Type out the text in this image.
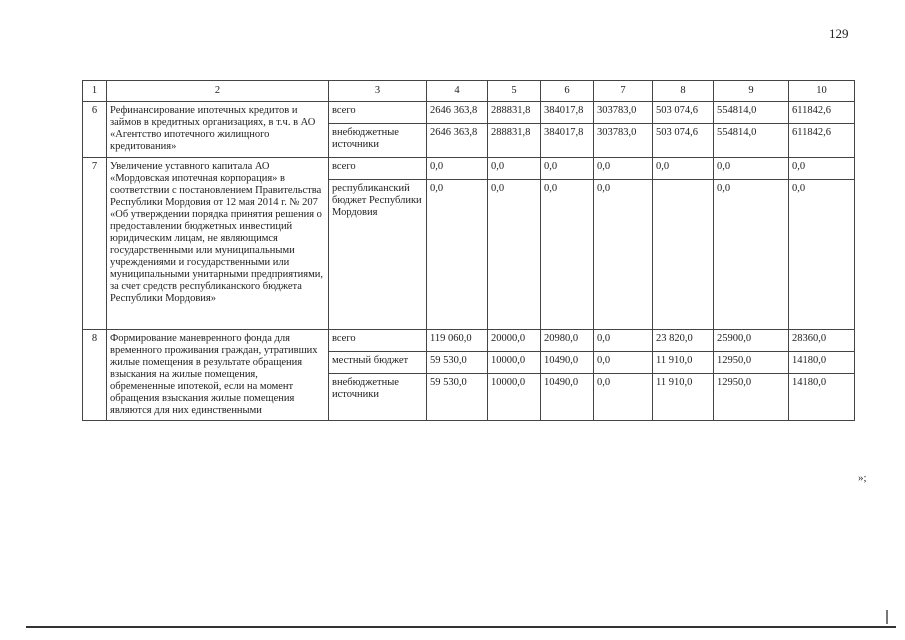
129
1	2	3	4	5	6	7	8	9	10
6	Рефинансирование ипотечных кредитов и займов в кредитных организациях, в т.ч. в АО «Агентство ипотечного жилищного кредитования»	всего	2646 363,8	288831,8	384017,8	303783,0	503 074,6	554814,0	611842,6
		внебюджетные источники	2646 363,8	288831,8	384017,8	303783,0	503 074,6	554814,0	611842,6
7	Увеличение уставного капитала АО «Мордовская ипотечная корпорация» в соответствии с постановлением Правительства Республики Мордовия от 12 мая 2014 г. № 207 «Об утверждении порядка принятия решения о предоставлении бюджетных инвестиций юридическим лицам, не являющимся государственными или муниципальными учреждениями и государственными или муниципальными унитарными предприятиями, за счет средств республиканского бюджета Республики Мордовия»	всего	0,0	0,0	0,0	0,0	0,0	0,0	0,0
		республиканский бюджет Республики Мордовия	0,0	0,0	0,0	0,0		0,0	0,0
8	Формирование маневренного фонда для временного проживания граждан, утративших жилые помещения в результате обращения взыскания на жилые помещения, обремененные ипотекой, если на момент обращения взыскания жилые помещения являются для них единственными	всего	119 060,0	20000,0	20980,0	0,0	23 820,0	25900,0	28360,0
		местный бюджет	59 530,0	10000,0	10490,0	0,0	11 910,0	12950,0	14180,0
		внебюджетные источники	59 530,0	10000,0	10490,0	0,0	11 910,0	12950,0	14180,0
»;
